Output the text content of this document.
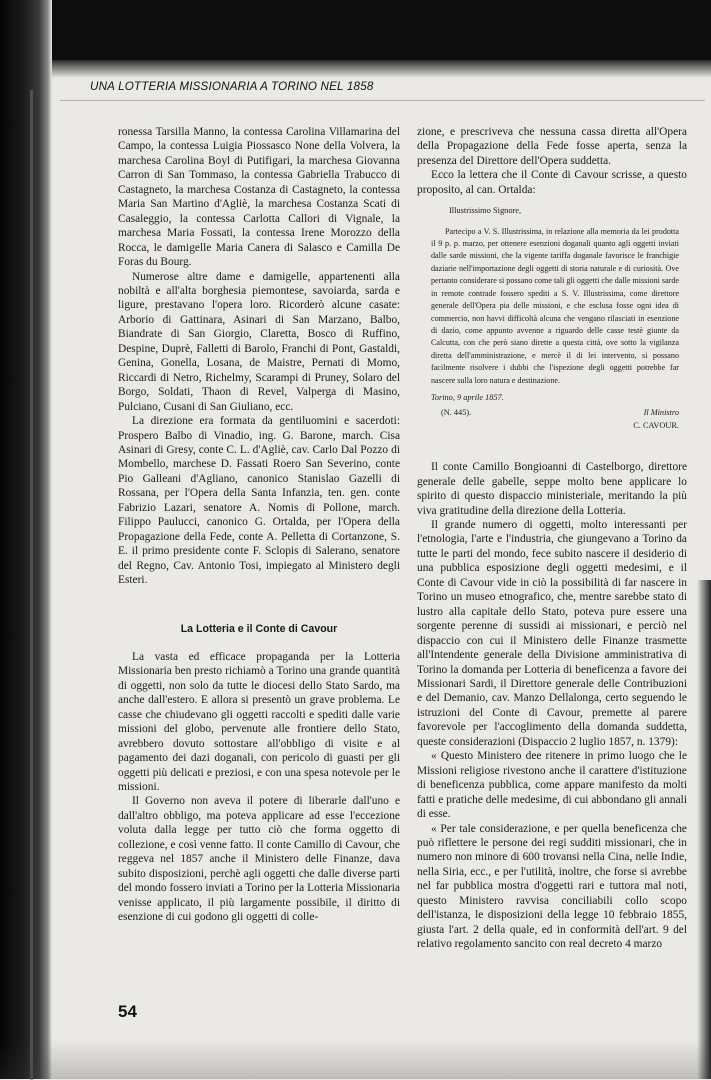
UNA LOTTERIA MISSIONARIA A TORINO NEL 1858

ronessa Tarsilla Manno, la contessa Carolina Villamarina del Campo, la contessa Luigia Piossasco None della Volvera, la marchesa Carolina Boyl di Putifigari, la marchesa Giovanna Carron di San Tommaso, la contessa Gabriella Trabucco di Castagneto, la marchesa Costanza di Castagneto, la contessa Maria San Martino d'Agliè, la marchesa Costanza Scati di Casaleggio, la contessa Carlotta Callori di Vignale, la marchesa Maria Fossati, la contessa Irene Morozzo della Rocca, le damigelle Maria Canera di Salasco e Camilla De Foras du Bourg.

Numerose altre dame e damigelle, appartenenti alla nobiltà e all'alta borghesia piemontese, savoiarda, sarda e ligure, prestavano l'opera loro. Ricorderò alcune casate: Arborio di Gattinara, Asinari di San Marzano, Balbo, Biandrate di San Giorgio, Claretta, Bosco di Ruffino, Despine, Duprè, Falletti di Barolo, Franchi di Pont, Gastaldi, Genina, Gonella, Losana, de Maistre, Pernati di Momo, Riccardi di Netro, Richelmy, Scarampi di Pruney, Solaro del Borgo, Soldati, Thaon di Revel, Valperga di Masino, Pulciano, Cusani di San Giuliano, ecc.

La direzione era formata da gentiluomini e sacerdoti: Prospero Balbo di Vinadio, ing. G. Barone, march. Cisa Asinari di Gresy, conte C. L. d'Agliè, cav. Carlo Dal Pozzo di Mombello, marchese D. Fassati Roero San Severino, conte Pio Galleani d'Agliano, canonico Stanislao Gazelli di Rossana, per l'Opera della Santa Infanzia, ten. gen. conte Fabrizio Lazari, senatore A. Nomis di Pollone, march. Filippo Paulucci, canonico G. Ortalda, per l'Opera della Propagazione della Fede, conte A. Pelletta di Cortanzone, S. E. il primo presidente conte F. Sclopis di Salerano, senatore del Regno, Cav. Antonio Tosi, impiegato al Ministero degli Esteri.

La Lotteria e il Conte di Cavour

La vasta ed efficace propaganda per la Lotteria Missionaria ben presto richiamò a Torino una grande quantità di oggetti, non solo da tutte le diocesi dello Stato Sardo, ma anche dall'estero. E allora si presentò un grave problema. Le casse che chiudevano gli oggetti raccolti e spediti dalle varie missioni del globo, pervenute alle frontiere dello Stato, avrebbero dovuto sottostare all'obbligo di visite e al pagamento dei dazi doganali, con pericolo di guasti per gli oggetti più delicati e preziosi, e con una spesa notevole per le missioni.

Il Governo non aveva il potere di liberarle dall'uno e dall'altro obbligo, ma poteva applicare ad esse l'eccezione voluta dalla legge per tutto ciò che forma oggetto di collezione, e così venne fatto. Il conte Camillo di Cavour, che reggeva nel 1857 anche il Ministero delle Finanze, dava subito disposizioni, perchè agli oggetti che dalle diverse parti del mondo fossero inviati a Torino per la Lotteria Missionaria venisse applicato, il più largamente possibile, il diritto di esenzione di cui godono gli oggetti di colle-

zione, e prescriveva che nessuna cassa diretta all'Opera della Propagazione della Fede fosse aperta, senza la presenza del Direttore dell'Opera suddetta.

Ecco la lettera che il Conte di Cavour scrisse, a questo proposito, al can. Ortalda:

Illustrissimo Signore,

Partecipo a V. S. Illustrissima, in relazione alla memoria da lei prodotta il 9 p. p. marzo, per ottenere esenzioni doganali quanto agli oggetti inviati dalle sarde missioni, che la vigente tariffa doganale favorisce le franchigie daziarie nell'importazione degli oggetti di storia naturale e di curiosità. Ove pertanto considerare si possano come tali gli oggetti che dalle missioni sarde in remote contrade fossero spediti a S. V. Illustrissima, come direttore generale dell'Opera pia delle missioni, e che esclusa fosse ogni idea di commercio, non havvi difficoltà alcuna che vengano rilasciati in esenzione di dazio, come appunto avvenne a riguardo delle casse testè giunte da Calcutta, con che però siano dirette a questa città, ove sotto la vigilanza diretta dell'amministrazione, e mercè il di lei intervento, si possano facilmente risolvere i dubbi che l'ispezione degli oggetti potrebbe far nascere sulla loro natura e destinazione.

Torino, 9 aprile 1857.
(N. 445).	Il Ministro
C. CAVOUR.

Il conte Camillo Bongioanni di Castelborgo, direttore generale delle gabelle, seppe molto bene applicare lo spirito di questo dispaccio ministeriale, meritando la più viva gratitudine della direzione della Lotteria.

Il grande numero di oggetti, molto interessanti per l'etnologia, l'arte e l'industria, che giungevano a Torino da tutte le parti del mondo, fece subito nascere il desiderio di una pubblica esposizione degli oggetti medesimi, e il Conte di Cavour vide in ciò la possibilità di far nascere in Torino un museo etnografico, che, mentre sarebbe stato di lustro alla capitale dello Stato, poteva pure essere una sorgente perenne di sussidi ai missionari, e perciò nel dispaccio con cui il Ministero delle Finanze trasmette all'Intendente generale della Divisione amministrativa di Torino la domanda per Lotteria di beneficenza a favore dei Missionari Sardi, il Direttore generale delle Contribuzioni e del Demanio, cav. Manzo Dellalonga, certo seguendo le istruzioni del Conte di Cavour, premette al parere favorevole per l'accoglimento della domanda suddetta, queste considerazioni (Dispaccio 2 luglio 1857, n. 1379):

« Questo Ministero dee ritenere in primo luogo che le Missioni religiose rivestono anche il carattere d'istituzione di beneficenza pubblica, come appare manifesto da molti fatti e pratiche delle medesime, di cui abbondano gli annali di esse.

« Per tale considerazione, e per quella beneficenza che può riflettere le persone dei regi sudditi missionari, che in numero non minore di 600 trovansi nella Cina, nelle Indie, nella Siria, ecc., e per l'utilità, inoltre, che forse si avrebbe nel far pubblica mostra d'oggetti rari e tuttora mal noti, questo Ministero ravvisa conciliabili collo scopo dell'istanza, le disposizioni della legge 10 febbraio 1855, giusta l'art. 2 della quale, ed in conformità dell'art. 9 del relativo regolamento sancito con real decreto 4 marzo

54
